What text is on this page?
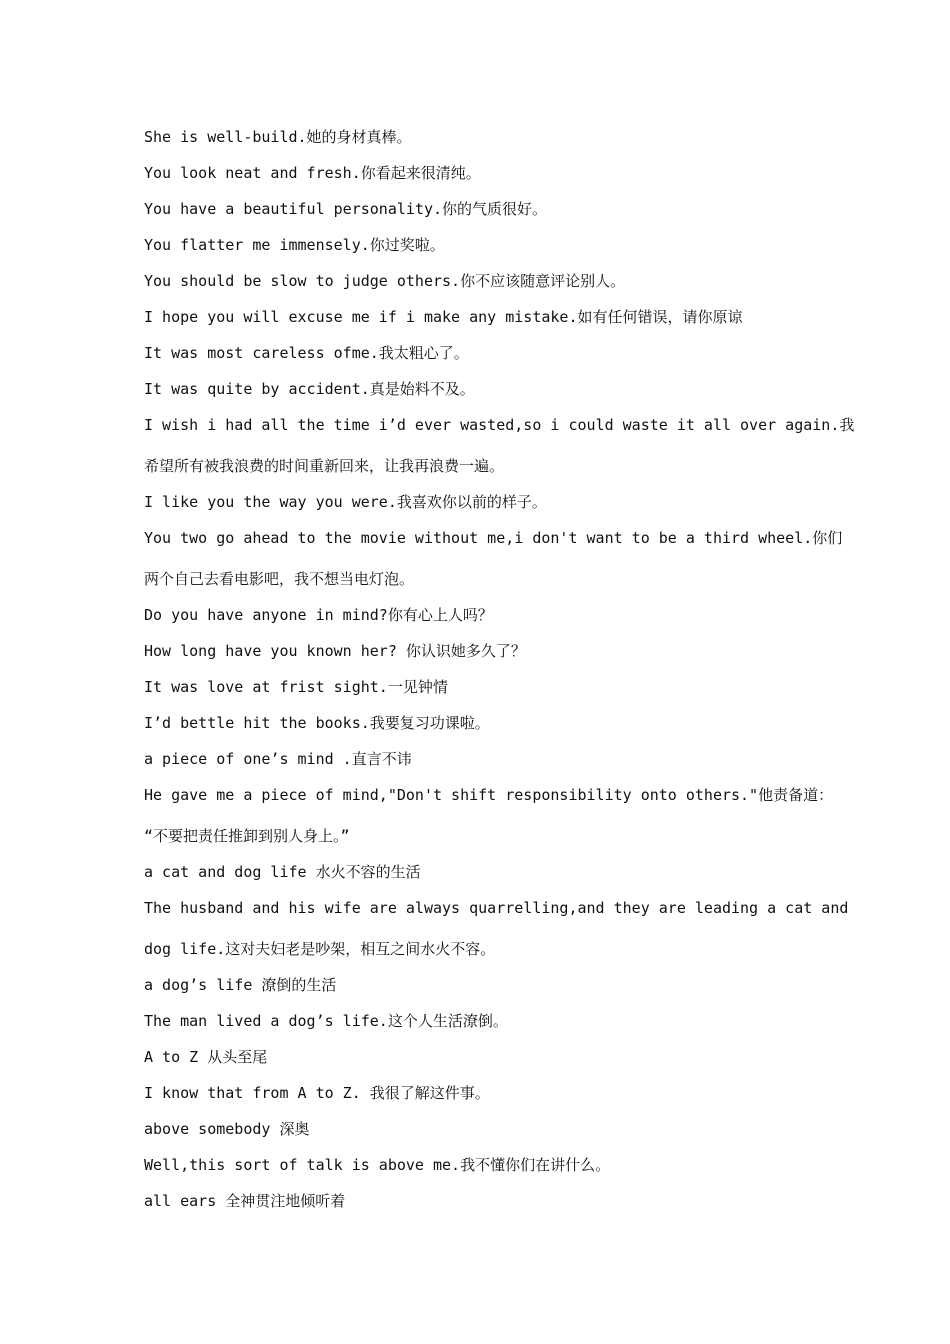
She is well-build.她的身材真棒。
You look neat and fresh.你看起来很清纯。
You have a beautiful personality.你的气质很好。
You flatter me immensely.你过奖啦。
You should be slow to judge others.你不应该随意评论别人。
I hope you will excuse me if i make any mistake.如有任何错误，请你原谅
It was most careless ofme.我太粗心了。
It was quite by accident.真是始料不及。
I wish i had all the time i’d ever wasted,so i could waste it all over again.我
希望所有被我浪费的时间重新回来，让我再浪费一遍。
I like you the way you were.我喜欢你以前的样子。
You two go ahead to the movie without me,i don't want to be a third wheel.你们
两个自己去看电影吧，我不想当电灯泡。
Do you have anyone in mind?你有心上人吗？
How long have you known her? 你认识她多久了？
It was love at frist sight.一见钟情
I’d bettle hit the books.我要复习功课啦。
a piece of one’s mind .直言不讳
He gave me a piece of mind,"Don't shift responsibility onto others."他责备道：
“不要把责任推卸到别人身上。”
a cat and dog life 水火不容的生活
The husband and his wife are always quarrelling,and they are leading a cat and
dog life.这对夫妇老是吵架，相互之间水火不容。
a dog’s life 潦倒的生活
The man lived a dog’s life.这个人生活潦倒。
A to Z 从头至尾
I know that from A to Z. 我很了解这件事。
above somebody 深奥
Well,this sort of talk is above me.我不懂你们在讲什么。
all ears 全神贯注地倾听着
